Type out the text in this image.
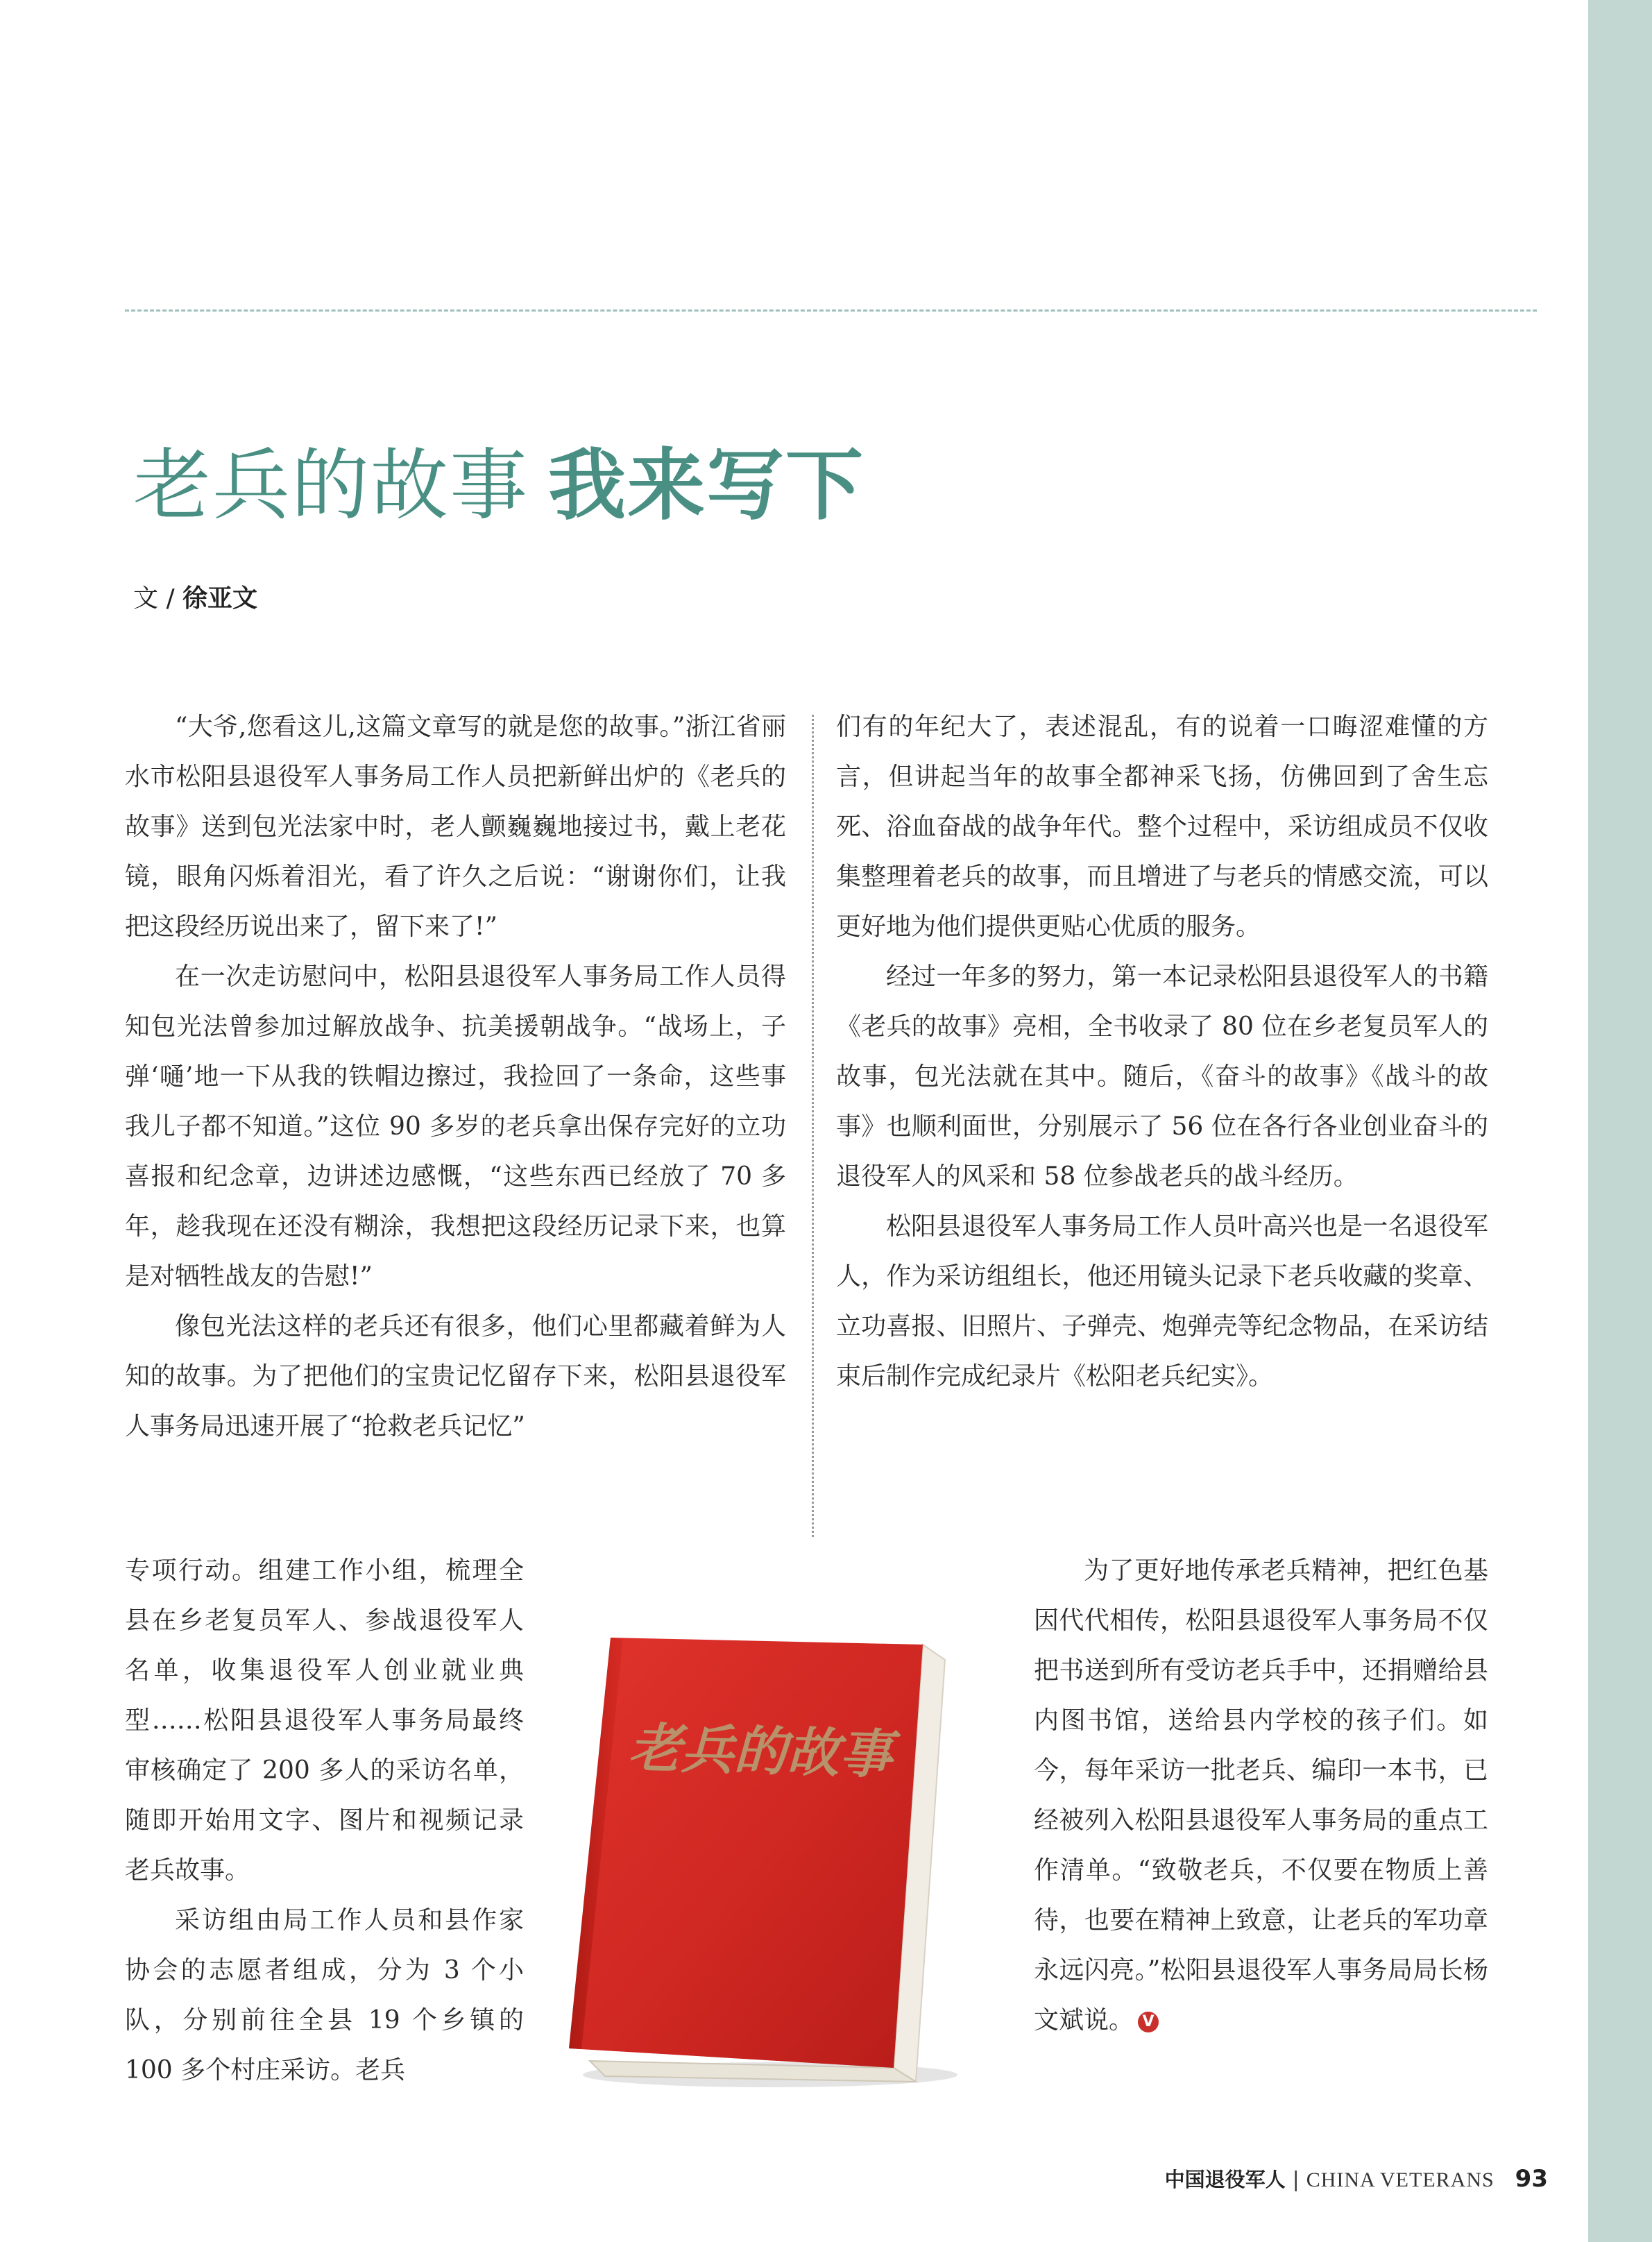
老兵的故事 我来写下
文 / 徐亚文

“大爷,您看这儿,这篇文章写的就是您的故事。”浙江省丽水市松阳县退役军人事务局工作人员把新鲜出炉的《老兵的故事》送到包光法家中时，老人颤巍巍地接过书，戴上老花镜，眼角闪烁着泪光，看了许久之后说：“谢谢你们，让我把这段经历说出来了，留下来了!”

在一次走访慰问中，松阳县退役军人事务局工作人员得知包光法曾参加过解放战争、抗美援朝战争。“战场上，子弹‘嗵’地一下从我的铁帽边擦过，我捡回了一条命，这些事我儿子都不知道。”这位 90 多岁的老兵拿出保存完好的立功喜报和纪念章，边讲述边感慨，“这些东西已经放了 70 多年，趁我现在还没有糊涂，我想把这段经历记录下来，也算是对牺牲战友的告慰!”

像包光法这样的老兵还有很多，他们心里都藏着鲜为人知的故事。为了把他们的宝贵记忆留存下来，松阳县退役军人事务局迅速开展了“抢救老兵记忆”

们有的年纪大了，表述混乱，有的说着一口晦涩难懂的方言，但讲起当年的故事全都神采飞扬，仿佛回到了舍生忘死、浴血奋战的战争年代。整个过程中，采访组成员不仅收集整理着老兵的故事，而且增进了与老兵的情感交流，可以更好地为他们提供更贴心优质的服务。

经过一年多的努力，第一本记录松阳县退役军人的书籍《老兵的故事》亮相，全书收录了 80 位在乡老复员军人的故事，包光法就在其中。随后，《奋斗的故事》《战斗的故事》也顺利面世，分别展示了 56 位在各行各业创业奋斗的退役军人的风采和 58 位参战老兵的战斗经历。

松阳县退役军人事务局工作人员叶高兴也是一名退役军人，作为采访组组长，他还用镜头记录下老兵收藏的奖章、立功喜报、旧照片、子弹壳、炮弹壳等纪念物品，在采访结束后制作完成纪录片《松阳老兵纪实》。

专项行动。组建工作小组，梳理全县在乡老复员军人、参战退役军人名单，收集退役军人创业就业典型……松阳县退役军人事务局最终审核确定了 200 多人的采访名单，随即开始用文字、图片和视频记录老兵故事。

采访组由局工作人员和县作家协会的志愿者组成，分为 3 个小队，分别前往全县 19 个乡镇的 100 多个村庄采访。老兵

为了更好地传承老兵精神，把红色基因代代相传，松阳县退役军人事务局不仅把书送到所有受访老兵手中，还捐赠给县内图书馆，送给县内学校的孩子们。如今，每年采访一批老兵、编印一本书，已经被列入松阳县退役军人事务局的重点工作清单。“致敬老兵，不仅要在物质上善待，也要在精神上致意，让老兵的军功章永远闪亮。”松阳县退役军人事务局局长杨文斌说。 V

老兵的故事
中国退役军人 | CHINA VETERANS 93
